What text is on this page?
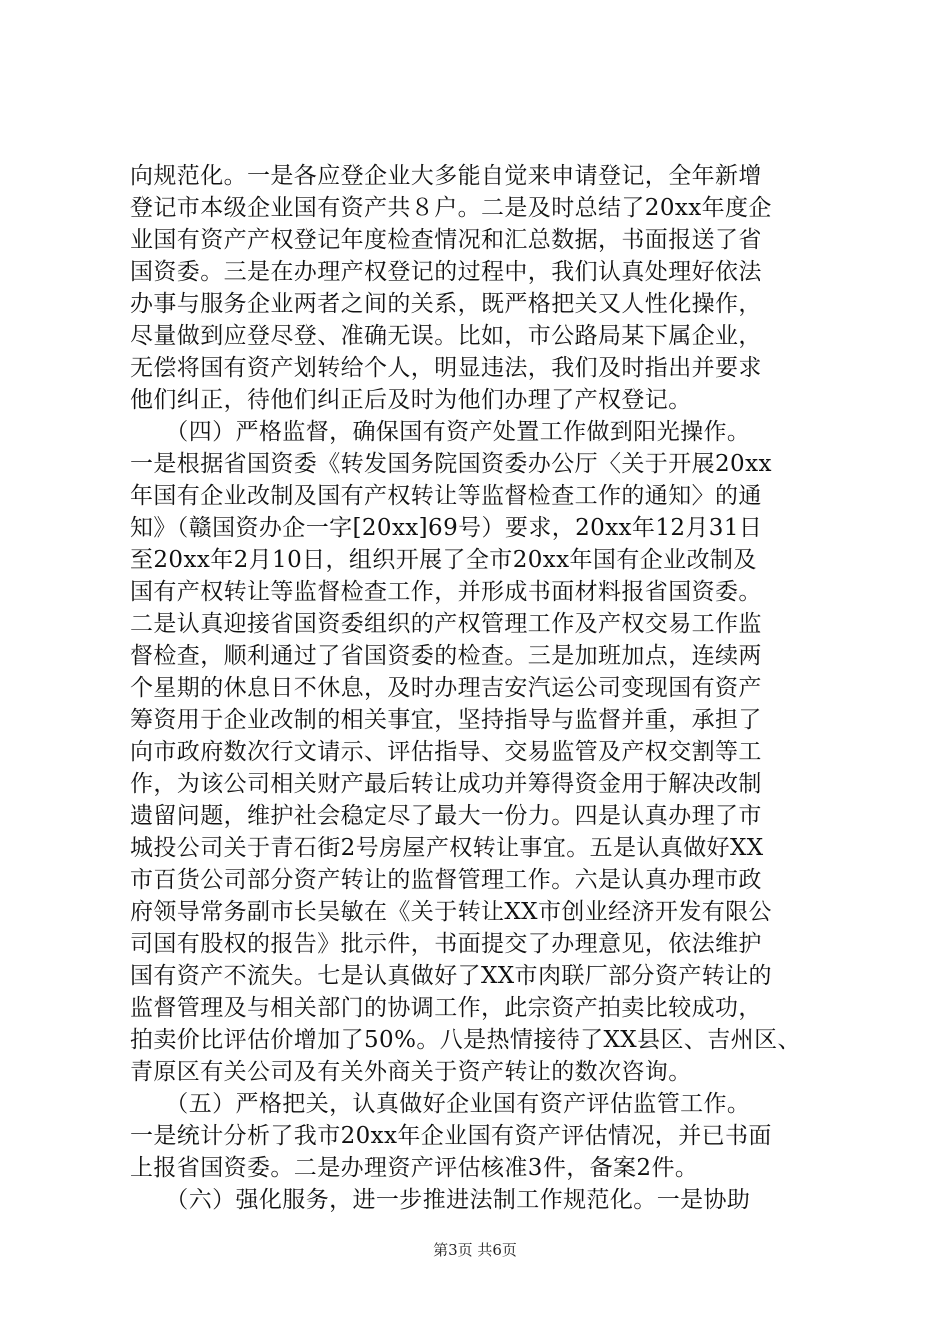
向规范化。一是各应登企业大多能自觉来申请登记，全年新增
登记市本级企业国有资产共８户。二是及时总结了20xx年度企
业国有资产产权登记年度检查情况和汇总数据，书面报送了省
国资委。三是在办理产权登记的过程中，我们认真处理好依法
办事与服务企业两者之间的关系，既严格把关又人性化操作，
尽量做到应登尽登、准确无误。比如，市公路局某下属企业，
无偿将国有资产划转给个人，明显违法，我们及时指出并要求
他们纠正，待他们纠正后及时为他们办理了产权登记。
　　（四）严格监督，确保国有资产处置工作做到阳光操作。
一是根据省国资委《转发国务院国资委办公厅〈关于开展20xx
年国有企业改制及国有产权转让等监督检查工作的通知〉的通
知》（赣国资办企一字[20xx]69号）要求，20xx年12月31日
至20xx年2月10日，组织开展了全市20xx年国有企业改制及
国有产权转让等监督检查工作，并形成书面材料报省国资委。
二是认真迎接省国资委组织的产权管理工作及产权交易工作监
督检查，顺利通过了省国资委的检查。三是加班加点，连续两
个星期的休息日不休息，及时办理吉安汽运公司变现国有资产
筹资用于企业改制的相关事宜，坚持指导与监督并重，承担了
向市政府数次行文请示、评估指导、交易监管及产权交割等工
作，为该公司相关财产最后转让成功并筹得资金用于解决改制
遗留问题，维护社会稳定尽了最大一份力。四是认真办理了市
城投公司关于青石街2号房屋产权转让事宜。五是认真做好XX
市百货公司部分资产转让的监督管理工作。六是认真办理市政
府领导常务副市长吴敏在《关于转让XX市创业经济开发有限公
司国有股权的报告》批示件，书面提交了办理意见，依法维护
国有资产不流失。七是认真做好了XX市肉联厂部分资产转让的
监督管理及与相关部门的协调工作，此宗资产拍卖比较成功，
拍卖价比评估价增加了50%。八是热情接待了XX县区、吉州区、
青原区有关公司及有关外商关于资产转让的数次咨询。
　　（五）严格把关，认真做好企业国有资产评估监管工作。
一是统计分析了我市20xx年企业国有资产评估情况，并已书面
上报省国资委。二是办理资产评估核准3件，备案2件。
　　（六）强化服务，进一步推进法制工作规范化。一是协助
第3页 共6页
